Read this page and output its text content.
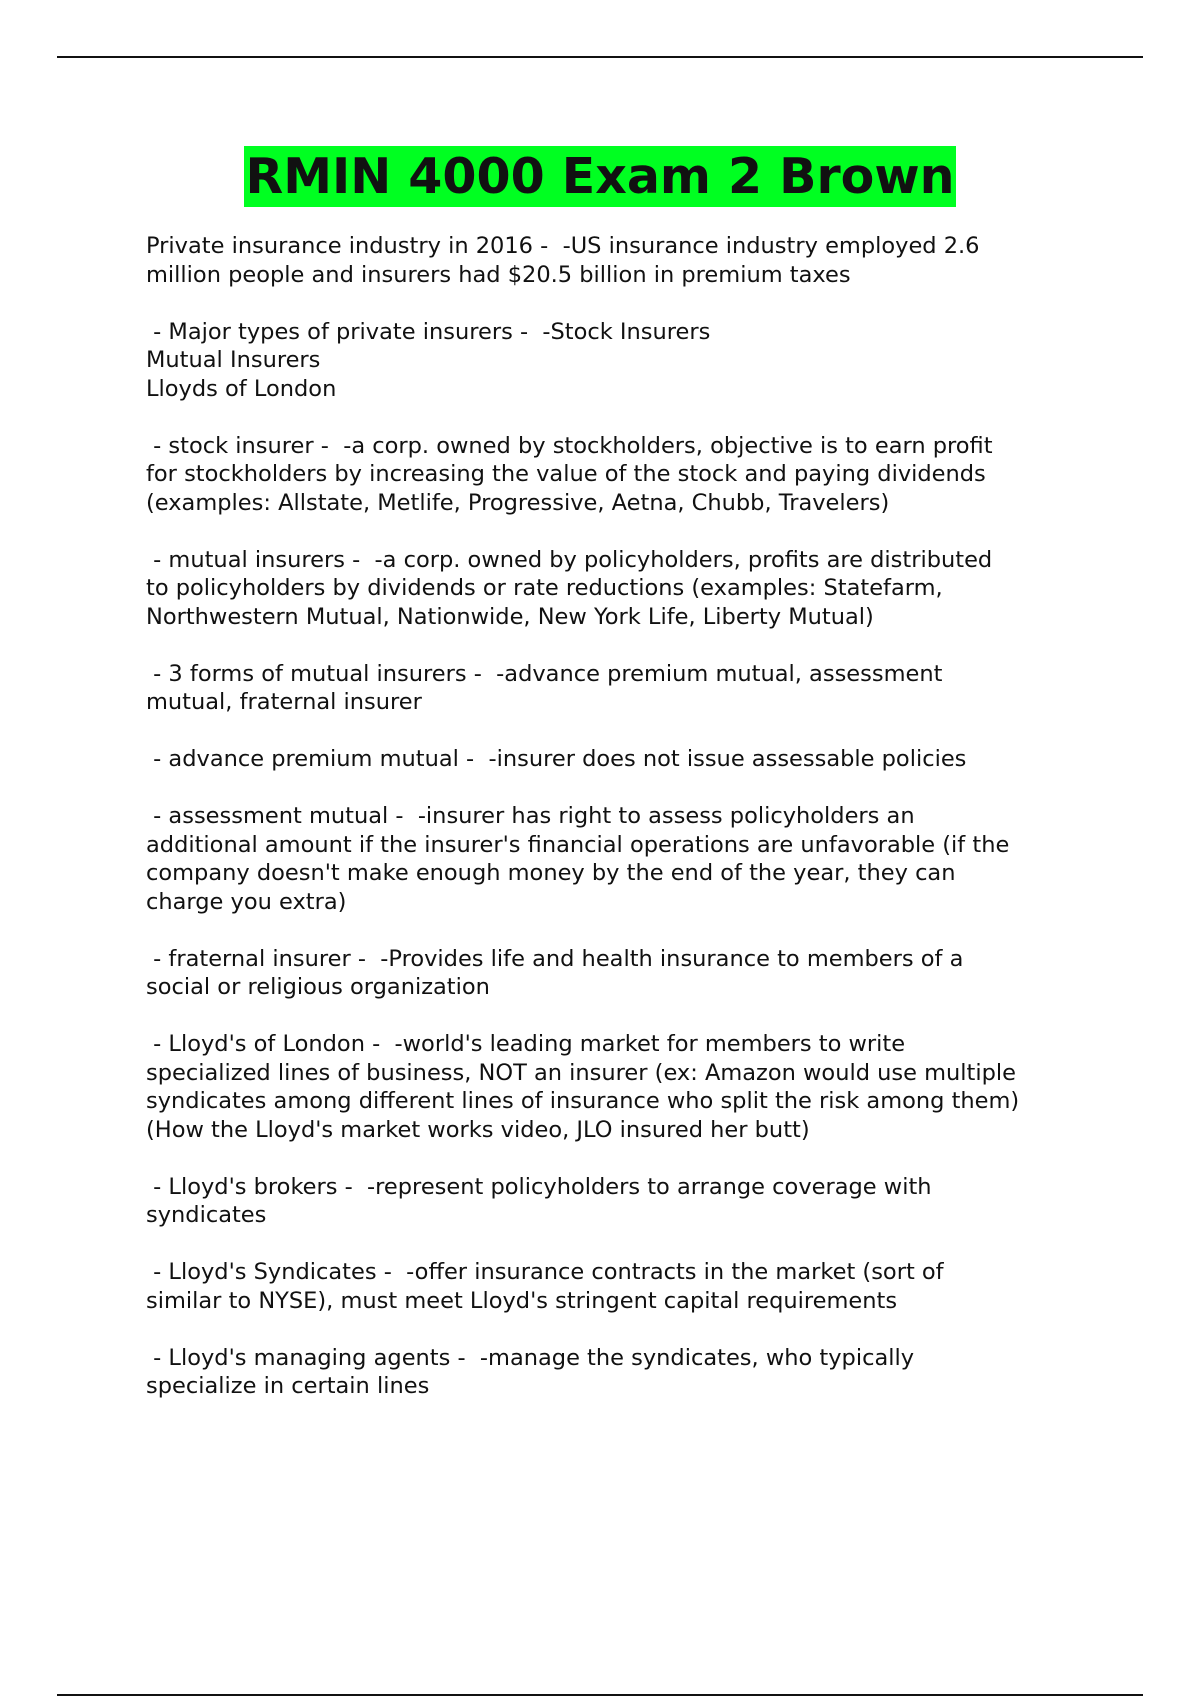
RMIN 4000 Exam 2 Brown
Private insurance industry in 2016 -  -US insurance industry employed 2.6
million people and insurers had $20.5 billion in premium taxes
- Major types of private insurers -  -Stock Insurers
Mutual Insurers
Lloyds of London
- stock insurer -  -a corp. owned by stockholders, objective is to earn profit
for stockholders by increasing the value of the stock and paying dividends
(examples: Allstate, Metlife, Progressive, Aetna, Chubb, Travelers)
- mutual insurers -  -a corp. owned by policyholders, profits are distributed
to policyholders by dividends or rate reductions (examples: Statefarm,
Northwestern Mutual, Nationwide, New York Life, Liberty Mutual)
- 3 forms of mutual insurers -  -advance premium mutual, assessment
mutual, fraternal insurer
- advance premium mutual -  -insurer does not issue assessable policies
- assessment mutual -  -insurer has right to assess policyholders an
additional amount if the insurer's financial operations are unfavorable (if the
company doesn't make enough money by the end of the year, they can
charge you extra)
- fraternal insurer -  -Provides life and health insurance to members of a
social or religious organization
- Lloyd's of London -  -world's leading market for members to write
specialized lines of business, NOT an insurer (ex: Amazon would use multiple
syndicates among different lines of insurance who split the risk among them)
(How the Lloyd's market works video, JLO insured her butt)
- Lloyd's brokers -  -represent policyholders to arrange coverage with
syndicates
- Lloyd's Syndicates -  -offer insurance contracts in the market (sort of
similar to NYSE), must meet Lloyd's stringent capital requirements
- Lloyd's managing agents -  -manage the syndicates, who typically
specialize in certain lines
